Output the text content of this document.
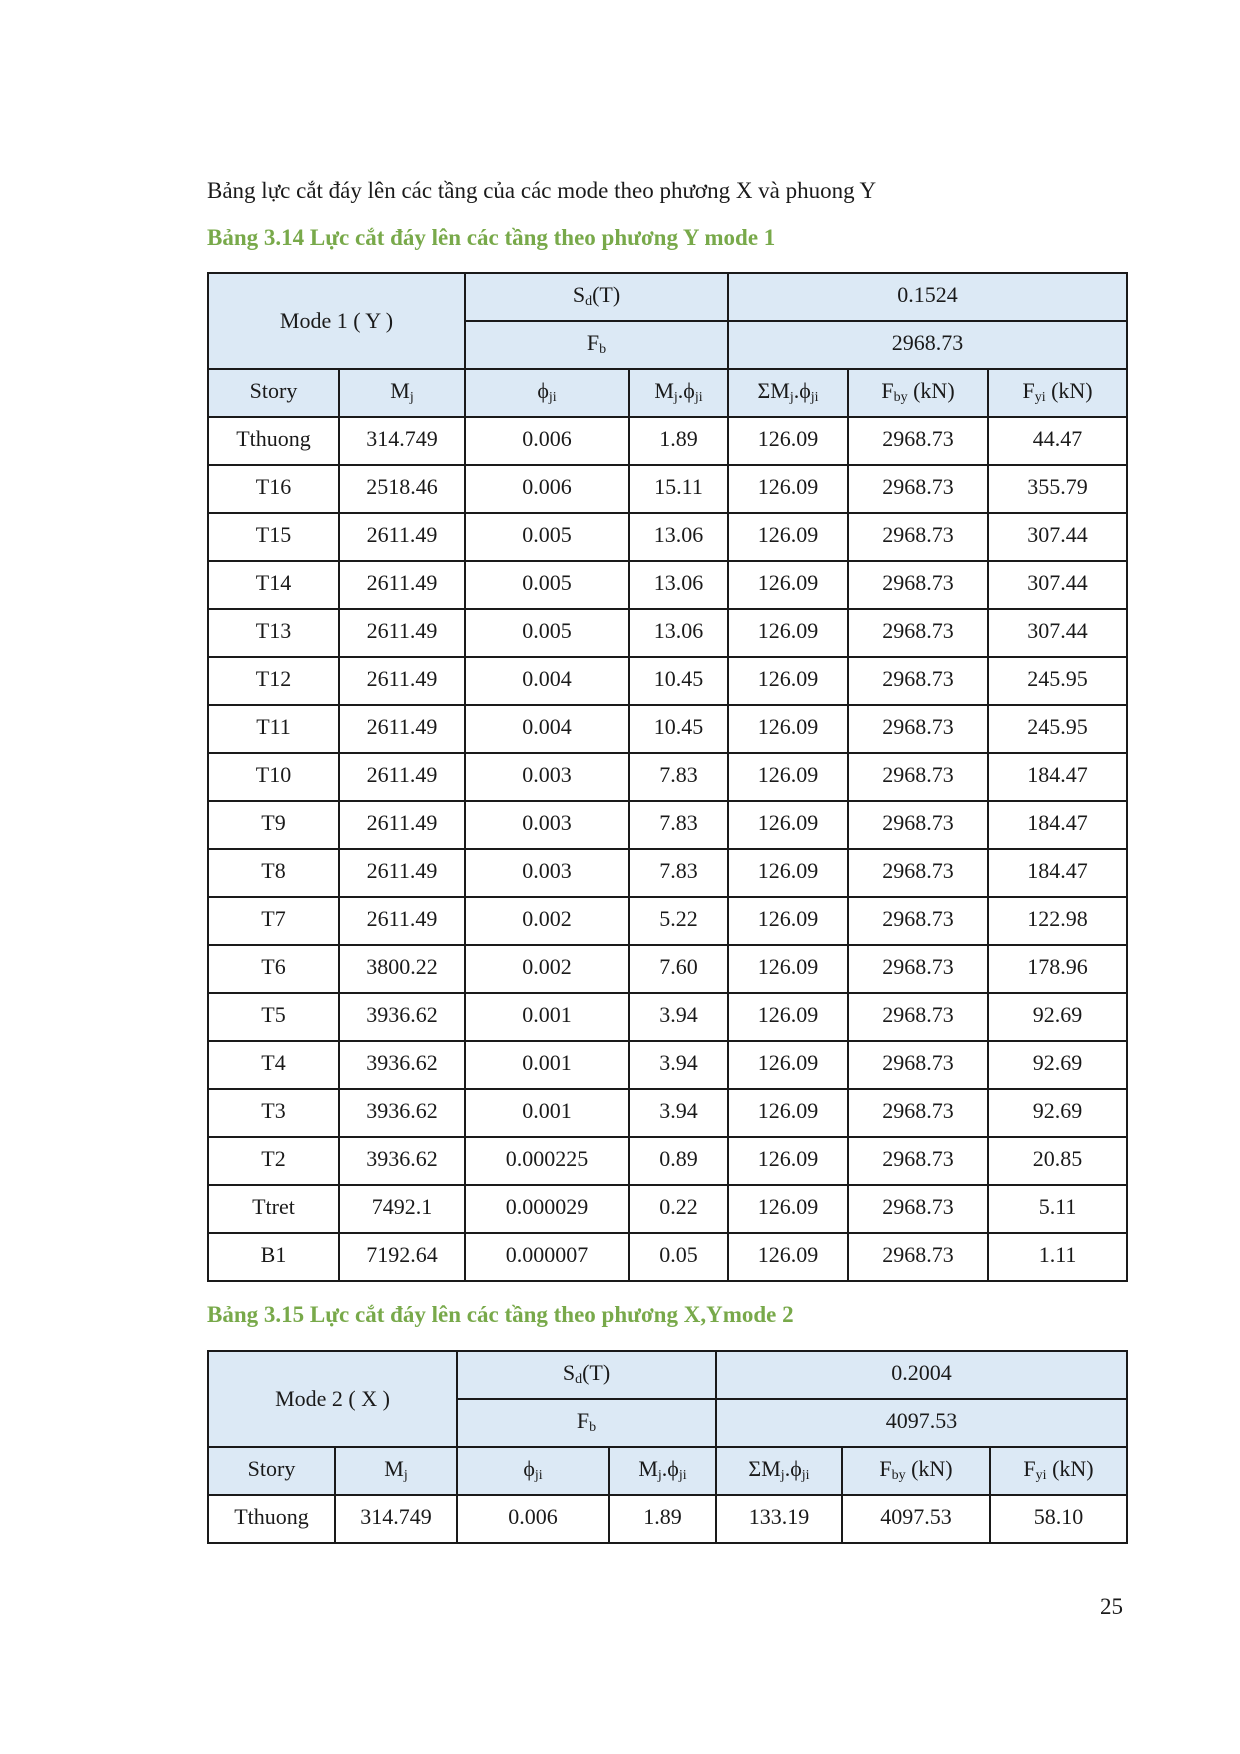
Bảng lực cắt đáy lên các tầng của các mode theo phương X và phuong Y

Bảng 3.14 Lực cắt đáy lên các tầng theo phương Y mode 1
Mode 1 ( Y )		$S_d(T)$		0.1524		
		$F_b$		2968.73		
Story	$M_j$	$\phi_{ji}$	$M_j.\phi_{ji}$	$\Sigma M_j.\phi_{ji}$	$F_{by}$ (kN)	$F_{yi}$ (kN)
Tthuong	314.749	0.006	1.89	126.09	2968.73	44.47
T16	2518.46	0.006	15.11	126.09	2968.73	355.79
T15	2611.49	0.005	13.06	126.09	2968.73	307.44
T14	2611.49	0.005	13.06	126.09	2968.73	307.44
T13	2611.49	0.005	13.06	126.09	2968.73	307.44
T12	2611.49	0.004	10.45	126.09	2968.73	245.95
T11	2611.49	0.004	10.45	126.09	2968.73	245.95
T10	2611.49	0.003	7.83	126.09	2968.73	184.47
T9	2611.49	0.003	7.83	126.09	2968.73	184.47
T8	2611.49	0.003	7.83	126.09	2968.73	184.47
T7	2611.49	0.002	5.22	126.09	2968.73	122.98
T6	3800.22	0.002	7.60	126.09	2968.73	178.96
T5	3936.62	0.001	3.94	126.09	2968.73	92.69
T4	3936.62	0.001	3.94	126.09	2968.73	92.69
T3	3936.62	0.001	3.94	126.09	2968.73	92.69
T2	3936.62	0.000225	0.89	126.09	2968.73	20.85
Ttret	7492.1	0.000029	0.22	126.09	2968.73	5.11
B1	7192.64	0.000007	0.05	126.09	2968.73	1.11
Bảng 3.15 Lực cắt đáy lên các tầng theo phương X,Ymode 2
Mode 2 ( X )		$S_d(T)$		0.2004		
		$F_b$		4097.53		
Story	$M_j$	$\phi_{ji}$	$M_j.\phi_{ji}$	$\Sigma M_j.\phi_{ji}$	$F_{by}$ (kN)	$F_{yi}$ (kN)
Tthuong	314.749	0.006	1.89	133.19	4097.53	58.10

25
